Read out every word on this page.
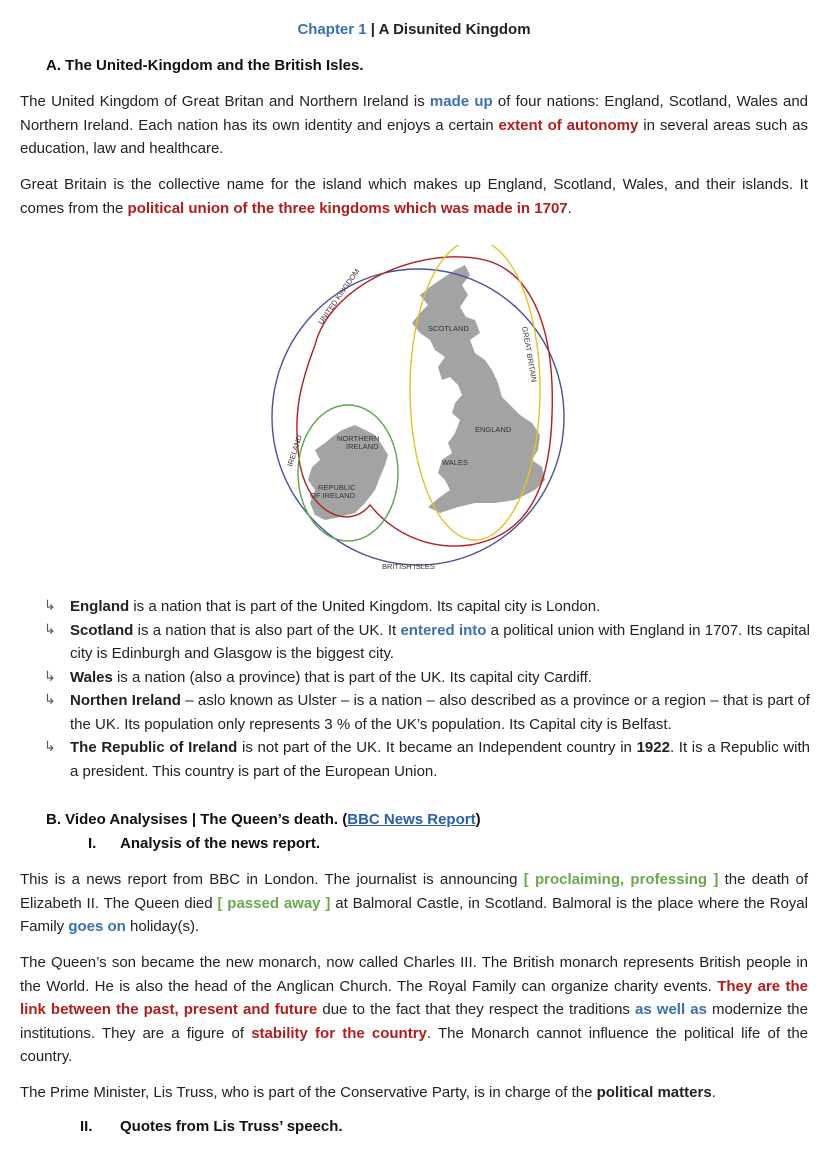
Chapter 1 | A Disunited Kingdom
A. The United-Kingdom and the British Isles.
The United Kingdom of Great Britan and Northern Ireland is made up of four nations: England, Scotland, Wales and Northern Ireland. Each nation has its own identity and enjoys a certain extent of autonomy in several areas such as education, law and healthcare.
Great Britain is the collective name for the island which makes up England, Scotland, Wales, and their islands. It comes from the political union of the three kingdoms which was made in 1707.
UNITED KINGDOM
GREAT BRITAIN
IRELAND
BRITISH ISLES
SCOTLAND
ENGLAND
WALES
NORTHERN
IRELAND
REPUBLIC
OF IRELAND
↳ England is a nation that is part of the United Kingdom. Its capital city is London.
↳ Scotland is a nation that is also part of the UK. It entered into a political union with England in 1707. Its capital city is Edinburgh and Glasgow is the biggest city.
↳ Wales is a nation (also a province) that is part of the UK. Its capital city Cardiff.
↳ Northen Ireland – aslo known as Ulster – is a nation – also described as a province or a region – that is part of the UK. Its population only represents 3 % of the UK’s population. Its Capital city is Belfast.
↳ The Republic of Ireland is not part of the UK. It became an Independent country in 1922. It is a Republic with a president. This country is part of the European Union.
B. Video Analysises | The Queen’s death. (BBC News Report)
I. Analysis of the news report.
This is a news report from BBC in London. The journalist is announcing [ proclaiming, professing ] the death of Elizabeth II. The Queen died [ passed away ] at Balmoral Castle, in Scotland. Balmoral is the place where the Royal Family goes on holiday(s).
The Queen’s son became the new monarch, now called Charles III. The British monarch represents British people in the World. He is also the head of the Anglican Church. The Royal Family can organize charity events. They are the link between the past, present and future due to the fact that they respect the traditions as well as modernize the institutions. They are a figure of stability for the country. The Monarch cannot influence the political life of the country.
The Prime Minister, Lis Truss, who is part of the Conservative Party, is in charge of the political matters.
II. Quotes from Lis Truss’ speech.
